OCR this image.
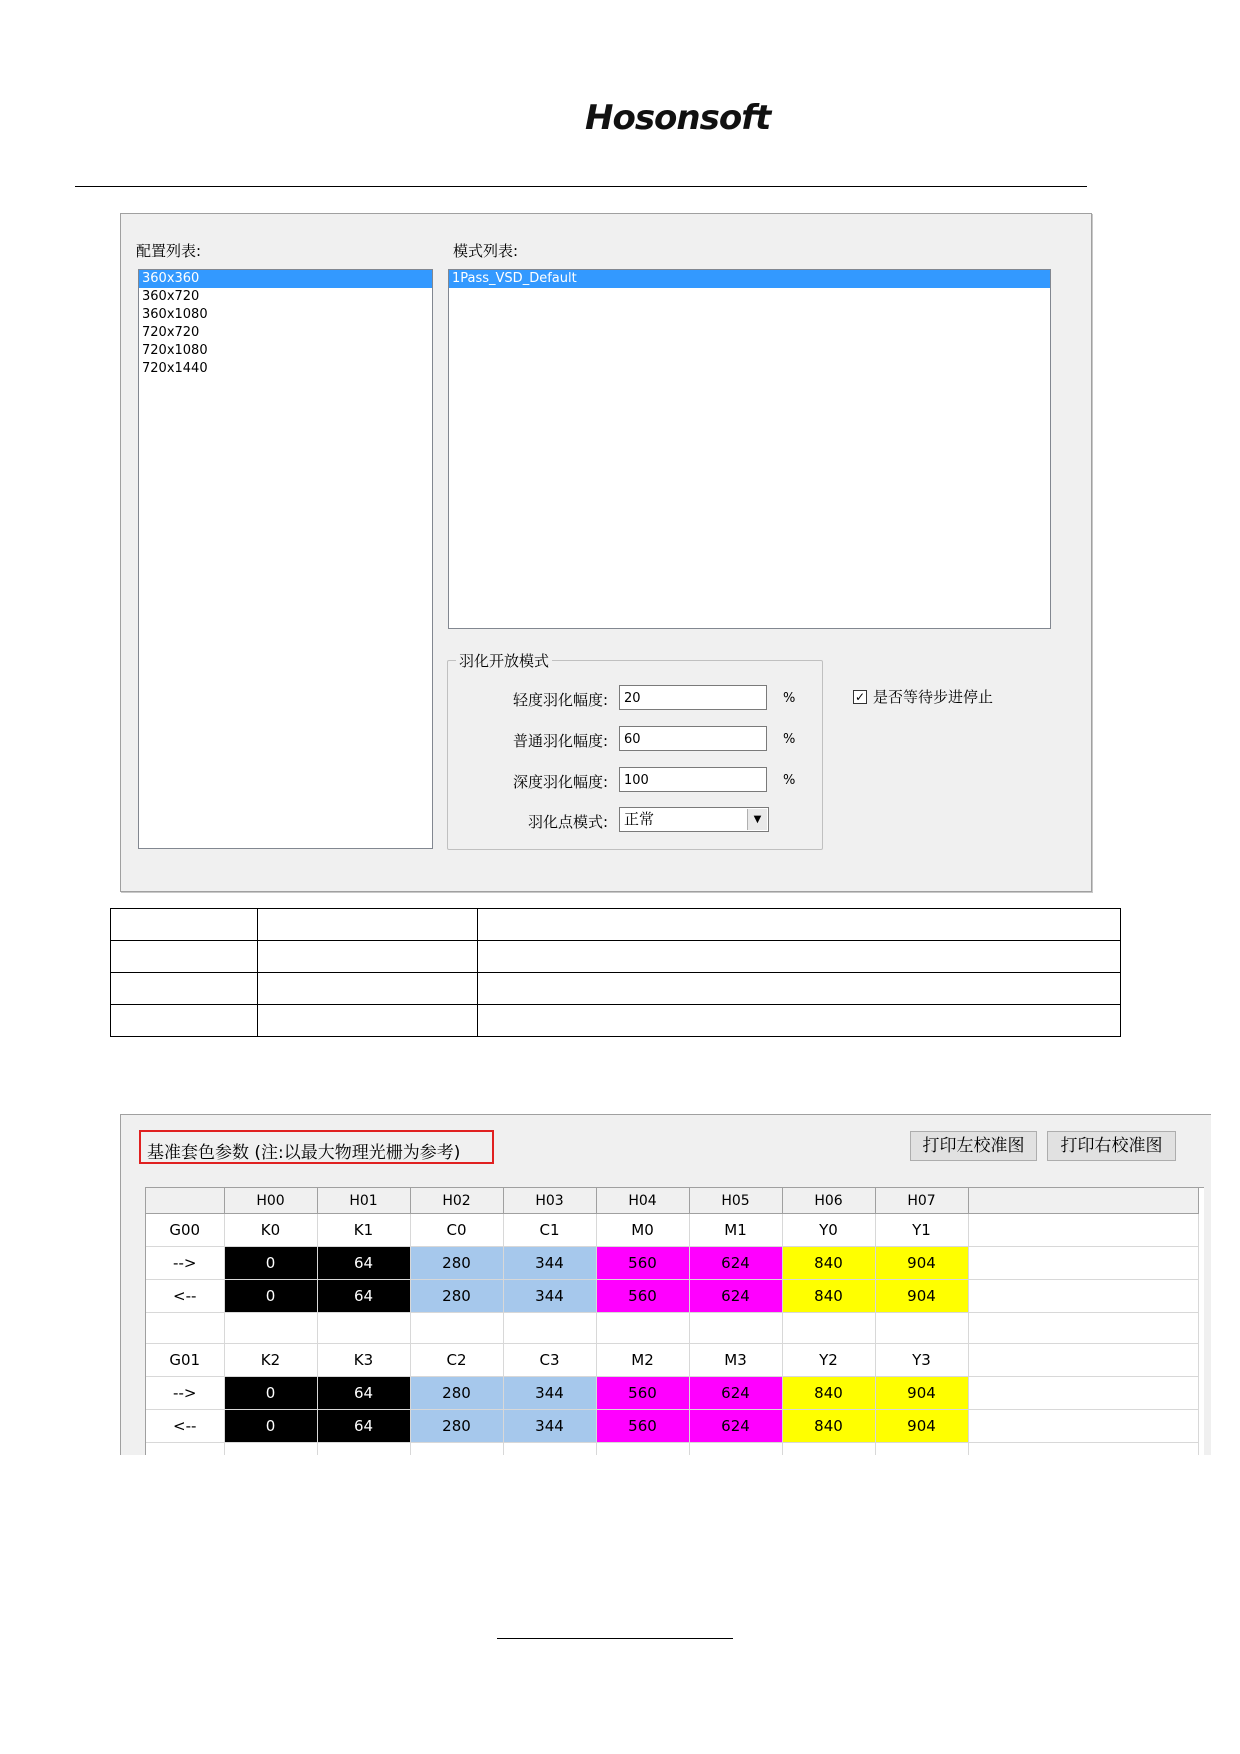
Hosonsoft
配置列表:
360x360
360x720
360x1080
720x720
720x1080
720x1440
模式列表:
1Pass_VSD_Default
羽化开放模式
轻度羽化幅度:	20	%
普通羽化幅度:	60	%
深度羽化幅度:	100	%
羽化点模式:	正常	▼
✓ 是否等待步进停止

基准套色参数 (注:以最大物理光栅为参考)	打印左校准图	打印右校准图
	H00	H01	H02	H03	H04	H05	H06	H07	
G00	K0	K1	C0	C1	M0	M1	Y0	Y1	
-->	0	64	280	344	560	624	840	904	
<--	0	64	280	344	560	624	840	904	

G01	K2	K3	C2	C3	M2	M3	Y2	Y3	
-->	0	64	280	344	560	624	840	904	
<--	0	64	280	344	560	624	840	904	
